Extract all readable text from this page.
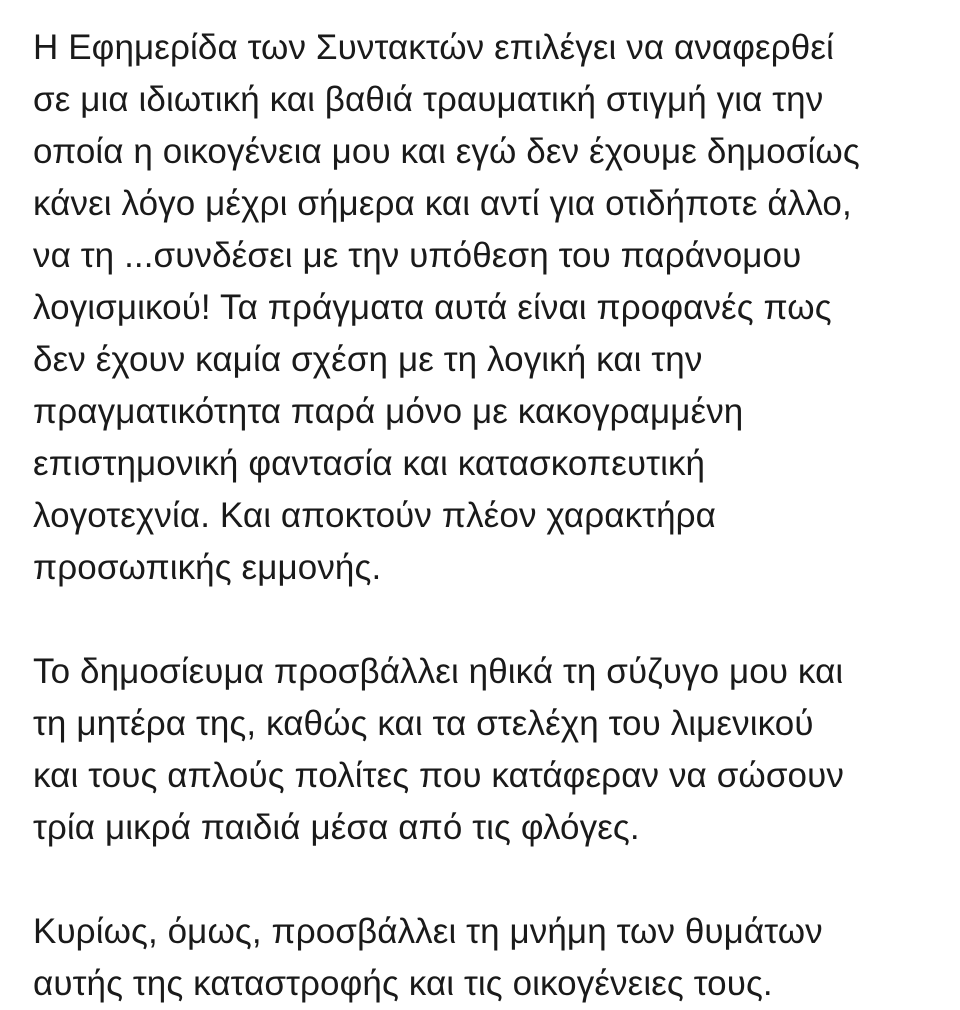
Η Εφημερίδα των Συντακτών επιλέγει να αναφερθεί
σε μια ιδιωτική και βαθιά τραυματική στιγμή για την
οποία η οικογένεια μου και εγώ δεν έχουμε δημοσίως
κάνει λόγο μέχρι σήμερα και αντί για οτιδήποτε άλλο,
να τη ...συνδέσει με την υπόθεση του παράνομου
λογισμικού! Τα πράγματα αυτά είναι προφανές πως
δεν έχουν καμία σχέση με τη λογική και την
πραγματικότητα παρά μόνο με κακογραμμένη
επιστημονική φαντασία και κατασκοπευτική
λογοτεχνία. Και αποκτούν πλέον χαρακτήρα
προσωπικής εμμονής.
Το δημοσίευμα προσβάλλει ηθικά τη σύζυγο μου και
τη μητέρα της, καθώς και τα στελέχη του λιμενικού
και τους απλούς πολίτες που κατάφεραν να σώσουν
τρία μικρά παιδιά μέσα από τις φλόγες.
Κυρίως, όμως, προσβάλλει τη μνήμη των θυμάτων
αυτής της καταστροφής και τις οικογένειες τους.
